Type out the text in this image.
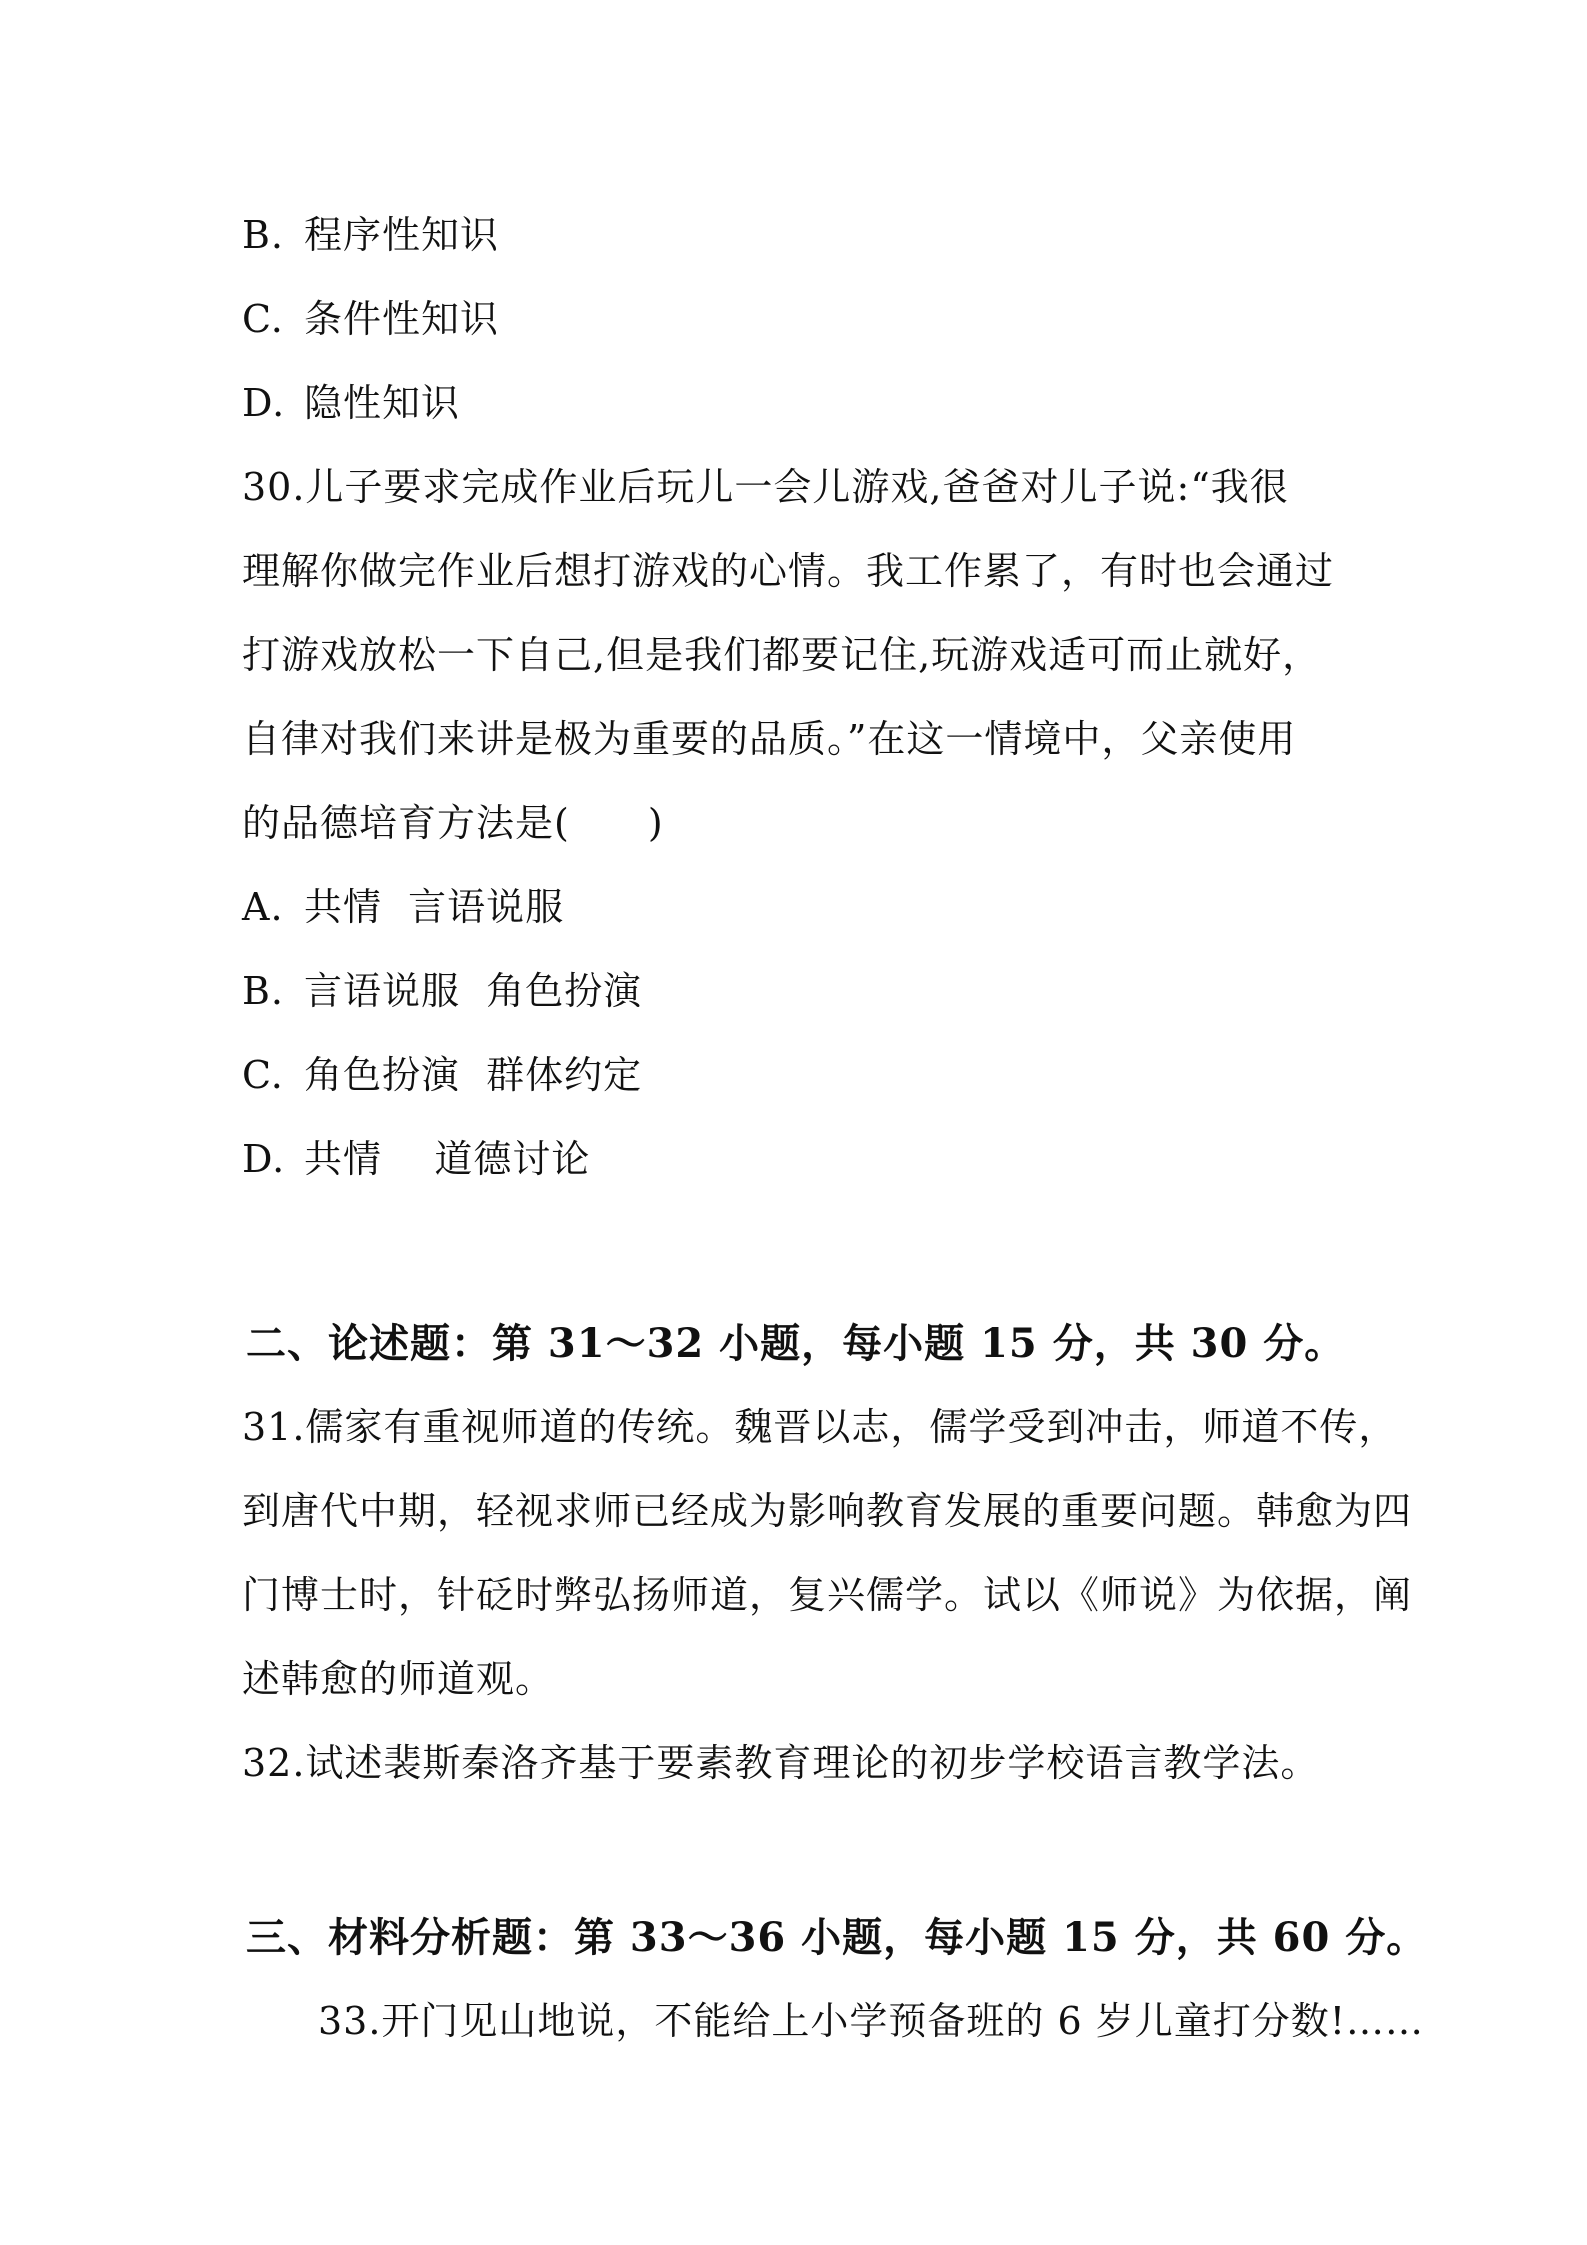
B. 程序性知识
C. 条件性知识
D. 隐性知识
30.儿子要求完成作业后玩儿一会儿游戏,爸爸对儿子说:“我很
理解你做完作业后想打游戏的心情。我工作累了，有时也会通过
打游戏放松一下自己,但是我们都要记住,玩游戏适可而止就好，
自律对我们来讲是极为重要的品质。”在这一情境中，父亲使用
的品德培育方法是(　　)
A. 共情  言语说服
B. 言语说服  角色扮演
C. 角色扮演  群体约定
D. 共情    道德讨论
二、论述题：第 31～32 小题，每小题 15 分，共 30 分。
31.儒家有重视师道的传统。魏晋以志，儒学受到冲击，师道不传，
到唐代中期，轻视求师已经成为影响教育发展的重要问题。韩愈为四
门博士时，针砭时弊弘扬师道，复兴儒学。试以《师说》为依据，阐
述韩愈的师道观。
32.试述裴斯秦洛齐基于要素教育理论的初步学校语言教学法。
三、材料分析题：第 33～36 小题，每小题 15 分，共 60 分。
33.开门见山地说，不能给上小学预备班的 6 岁儿童打分数!……
